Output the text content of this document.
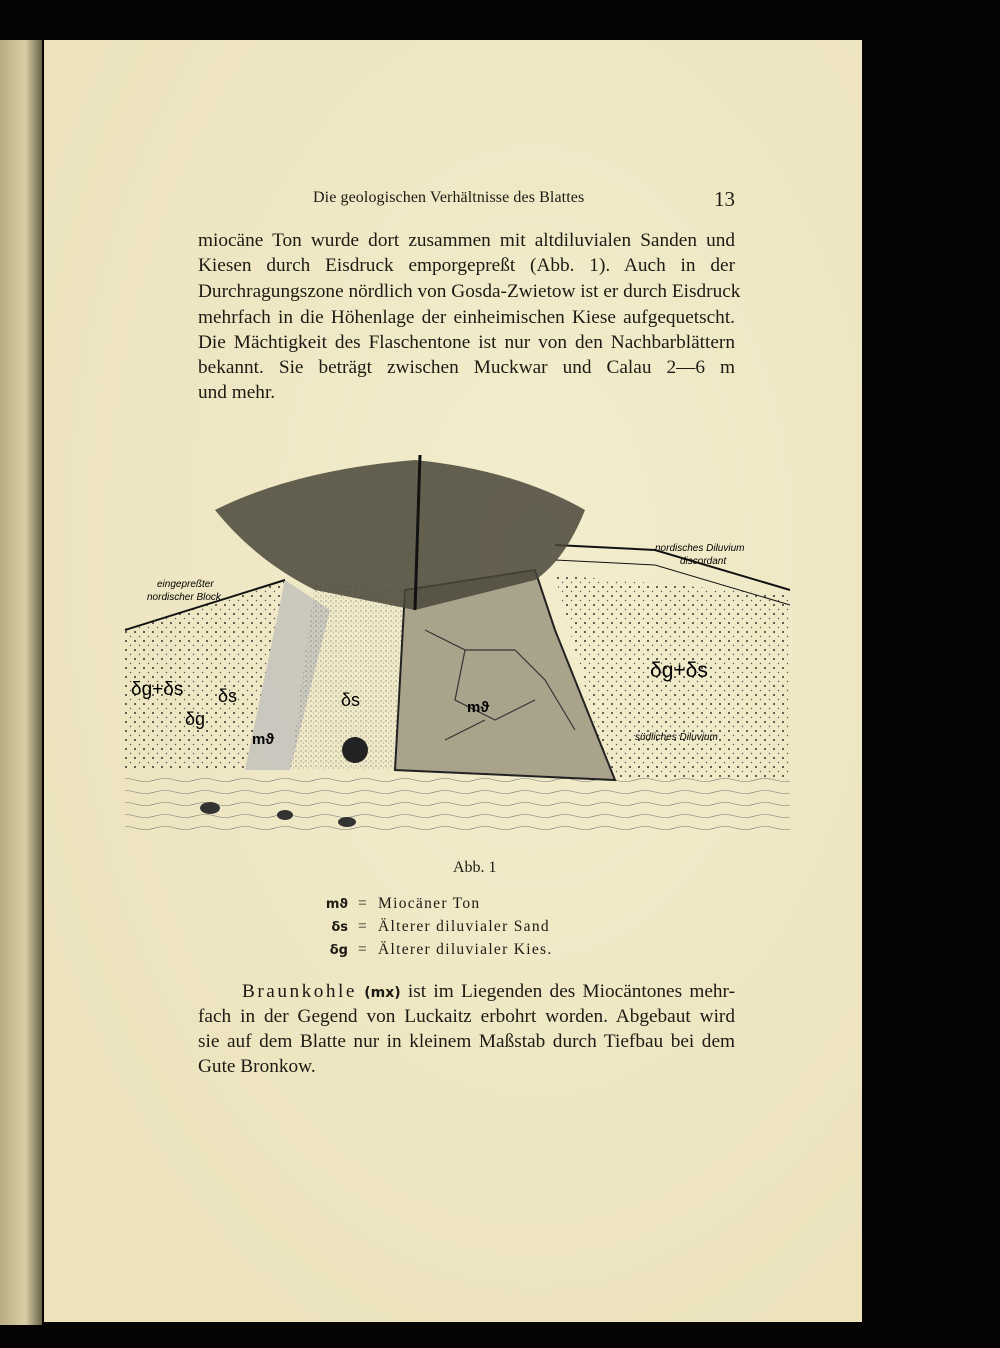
Die geologischen Verhältnisse des Blattes	13
miocäne Ton wurde dort zusammen mit altdiluvialen Sanden und
Kiesen durch Eisdruck emporgepreßt (Abb. 1). Auch in der
Durchragungszone nördlich von Gosda-Zwietow ist er durch Eisdruck
mehrfach in die Höhenlage der einheimischen Kiese aufgequetscht.
Die Mächtigkeit des Flaschentone ist nur von den Nachbarblättern
bekannt. Sie beträgt zwischen Muckwar und Calau 2—6 m
und mehr.
nordisches Diluvium
discordant
eingepreßter
nordischer Block
δg+δs δs
δg
mϑ
δs	mϑ
δg+δs
südliches Diluvium
Abb. 1
mϑ = Miocäner Ton
δs = Älterer diluvialer Sand
δg = Älterer diluvialer Kies.
Braunkohle (mx) ist im Liegenden des Miocäntones mehr-
fach in der Gegend von Luckaitz erbohrt worden. Abgebaut wird
sie auf dem Blatte nur in kleinem Maßstab durch Tiefbau bei dem
Gute Bronkow.
